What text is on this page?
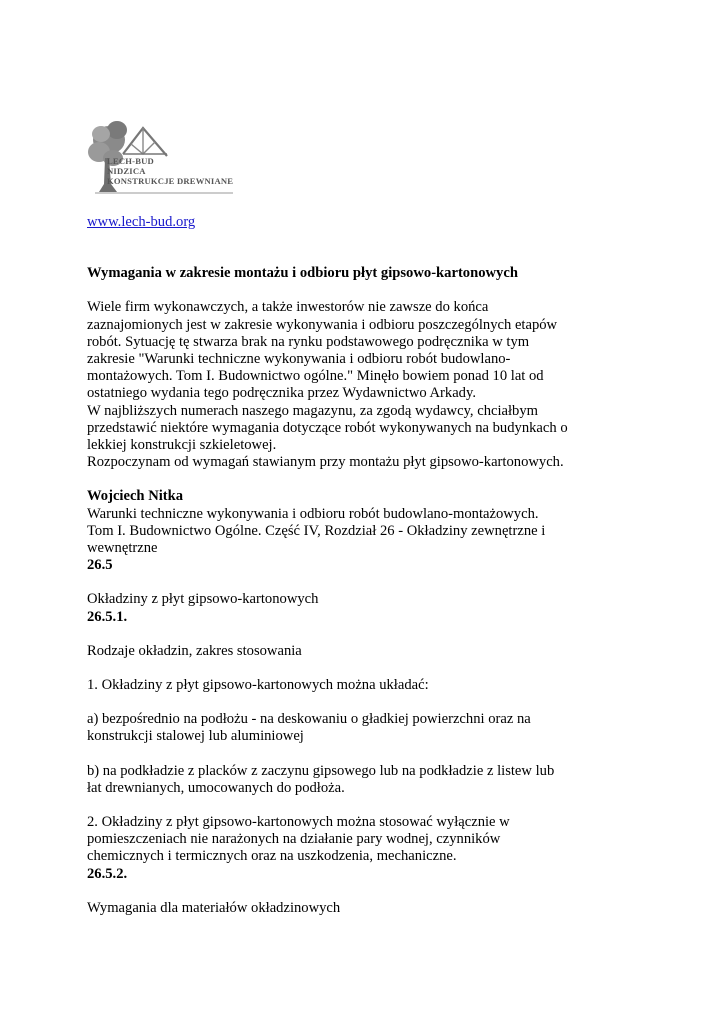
LECH-BUD
NIDZICA
KONSTRUKCJE DREWNIANE

www.lech-bud.org

Wymagania w zakresie montażu i odbioru płyt gipsowo-kartonowych

Wiele firm wykonawczych, a także inwestorów nie zawsze do końca

zaznajomionych jest w zakresie wykonywania i odbioru poszczególnych etapów

robót. Sytuację tę stwarza brak na rynku podstawowego podręcznika w tym

zakresie "Warunki techniczne wykonywania i odbioru robót budowlano-

montażowych. Tom I. Budownictwo ogólne." Minęło bowiem ponad 10 lat od

ostatniego wydania tego podręcznika przez Wydawnictwo Arkady.

W najbliższych numerach naszego magazynu, za zgodą wydawcy, chciałbym

przedstawić niektóre wymagania dotyczące robót wykonywanych na budynkach o

lekkiej konstrukcji szkieletowej.

Rozpoczynam od wymagań stawianym przy montażu płyt gipsowo-kartonowych.

Wojciech Nitka

Warunki techniczne wykonywania i odbioru robót budowlano-montażowych.

Tom I. Budownictwo Ogólne. Część IV, Rozdział 26 - Okładziny zewnętrzne i

wewnętrzne

26.5

Okładziny z płyt gipsowo-kartonowych

26.5.1.

Rodzaje okładzin, zakres stosowania

1. Okładziny z płyt gipsowo-kartonowych można układać:

a) bezpośrednio na podłożu - na deskowaniu o gładkiej powierzchni oraz na

konstrukcji stalowej lub aluminiowej

b) na podkładzie z placków z zaczynu gipsowego lub na podkładzie z listew lub

łat drewnianych, umocowanych do podłoża.

2. Okładziny z płyt gipsowo-kartonowych można stosować wyłącznie w

pomieszczeniach nie narażonych na działanie pary wodnej, czynników

chemicznych i termicznych oraz na uszkodzenia, mechaniczne.

26.5.2.

Wymagania dla materiałów okładzinowych
